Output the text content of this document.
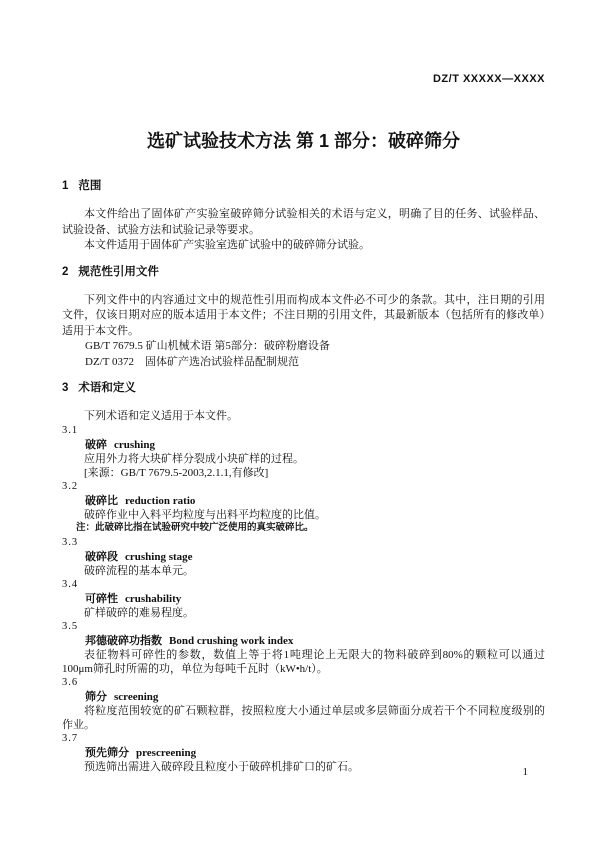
DZ/T XXXXX—XXXX
选矿试验技术方法 第 1 部分：破碎筛分
1 范围

本文件给出了固体矿产实验室破碎筛分试验相关的术语与定义，明确了目的任务、试验样品、试验设备、试验方法和试验记录等要求。

本文件适用于固体矿产实验室选矿试验中的破碎筛分试验。

2 规范性引用文件

下列文件中的内容通过文中的规范性引用而构成本文件必不可少的条款。其中，注日期的引用文件，仅该日期对应的版本适用于本文件；不注日期的引用文件，其最新版本（包括所有的修改单）适用于本文件。

GB/T 7679.5 矿山机械术语 第5部分：破碎粉磨设备
DZ/T 0372　固体矿产选冶试验样品配制规范
3 术语和定义

下列术语和定义适用于本文件。

3.1
破碎 crushing

应用外力将大块矿样分裂成小块矿样的过程。

[来源：GB/T 7679.5-2003,2.1.1,有修改]

3.2
破碎比 reduction ratio

破碎作业中入料平均粒度与出料平均粒度的比值。

注：此破碎比指在试验研究中较广泛使用的真实破碎比。

3.3
破碎段 crushing stage

破碎流程的基本单元。

3.4
可碎性 crushability

矿样破碎的难易程度。

3.5
邦德破碎功指数 Bond crushing work index

表征物料可碎性的参数，数值上等于将1吨理论上无限大的物料破碎到80%的颗粒可以通过100μm筛孔时所需的功，单位为每吨千瓦时（kW•h/t）。

3.6
筛分 screening

将粒度范围较宽的矿石颗粒群，按照粒度大小通过单层或多层筛面分成若干个不同粒度级别的作业。

3.7
预先筛分 prescreening

预选筛出需进入破碎段且粒度小于破碎机排矿口的矿石。	1
